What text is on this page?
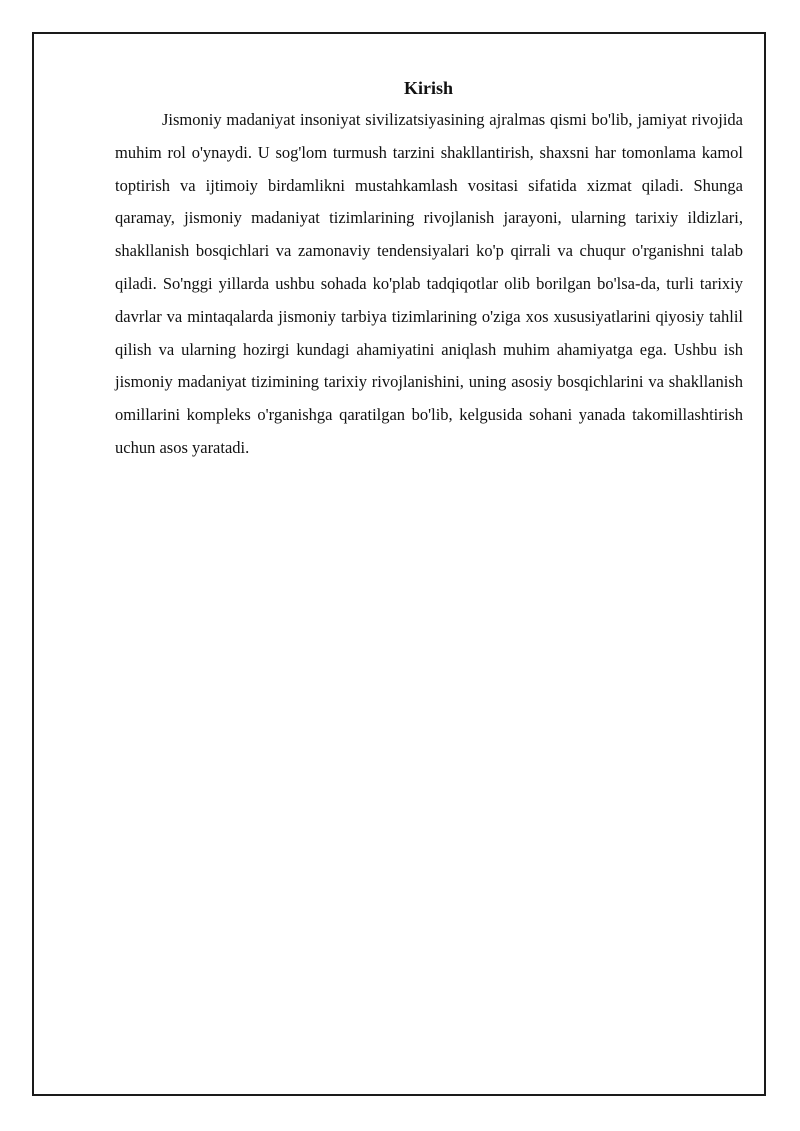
Kirish

Jismoniy madaniyat insoniyat sivilizatsiyasining ajralmas qismi bo'lib, jamiyat rivojida muhim rol o'ynaydi. U sog'lom turmush tarzini shakllantirish, shaxsni har tomonlama kamol toptirish va ijtimoiy birdamlikni mustahkamlash vositasi sifatida xizmat qiladi. Shunga qaramay, jismoniy madaniyat tizimlarining rivojlanish jarayoni, ularning tarixiy ildizlari, shakllanish bosqichlari va zamonaviy tendensiyalari ko'p qirrali va chuqur o'rganishni talab qiladi. So'nggi yillarda ushbu sohada ko'plab tadqiqotlar olib borilgan bo'lsa-da, turli tarixiy davrlar va mintaqalarda jismoniy tarbiya tizimlarining o'ziga xos xususiyatlarini qiyosiy tahlil qilish va ularning hozirgi kundagi ahamiyatini aniqlash muhim ahamiyatga ega. Ushbu ish jismoniy madaniyat tizimining tarixiy rivojlanishini, uning asosiy bosqichlarini va shakllanish omillarini kompleks o'rganishga qaratilgan bo'lib, kelgusida sohani yanada takomillashtirish uchun asos yaratadi.
